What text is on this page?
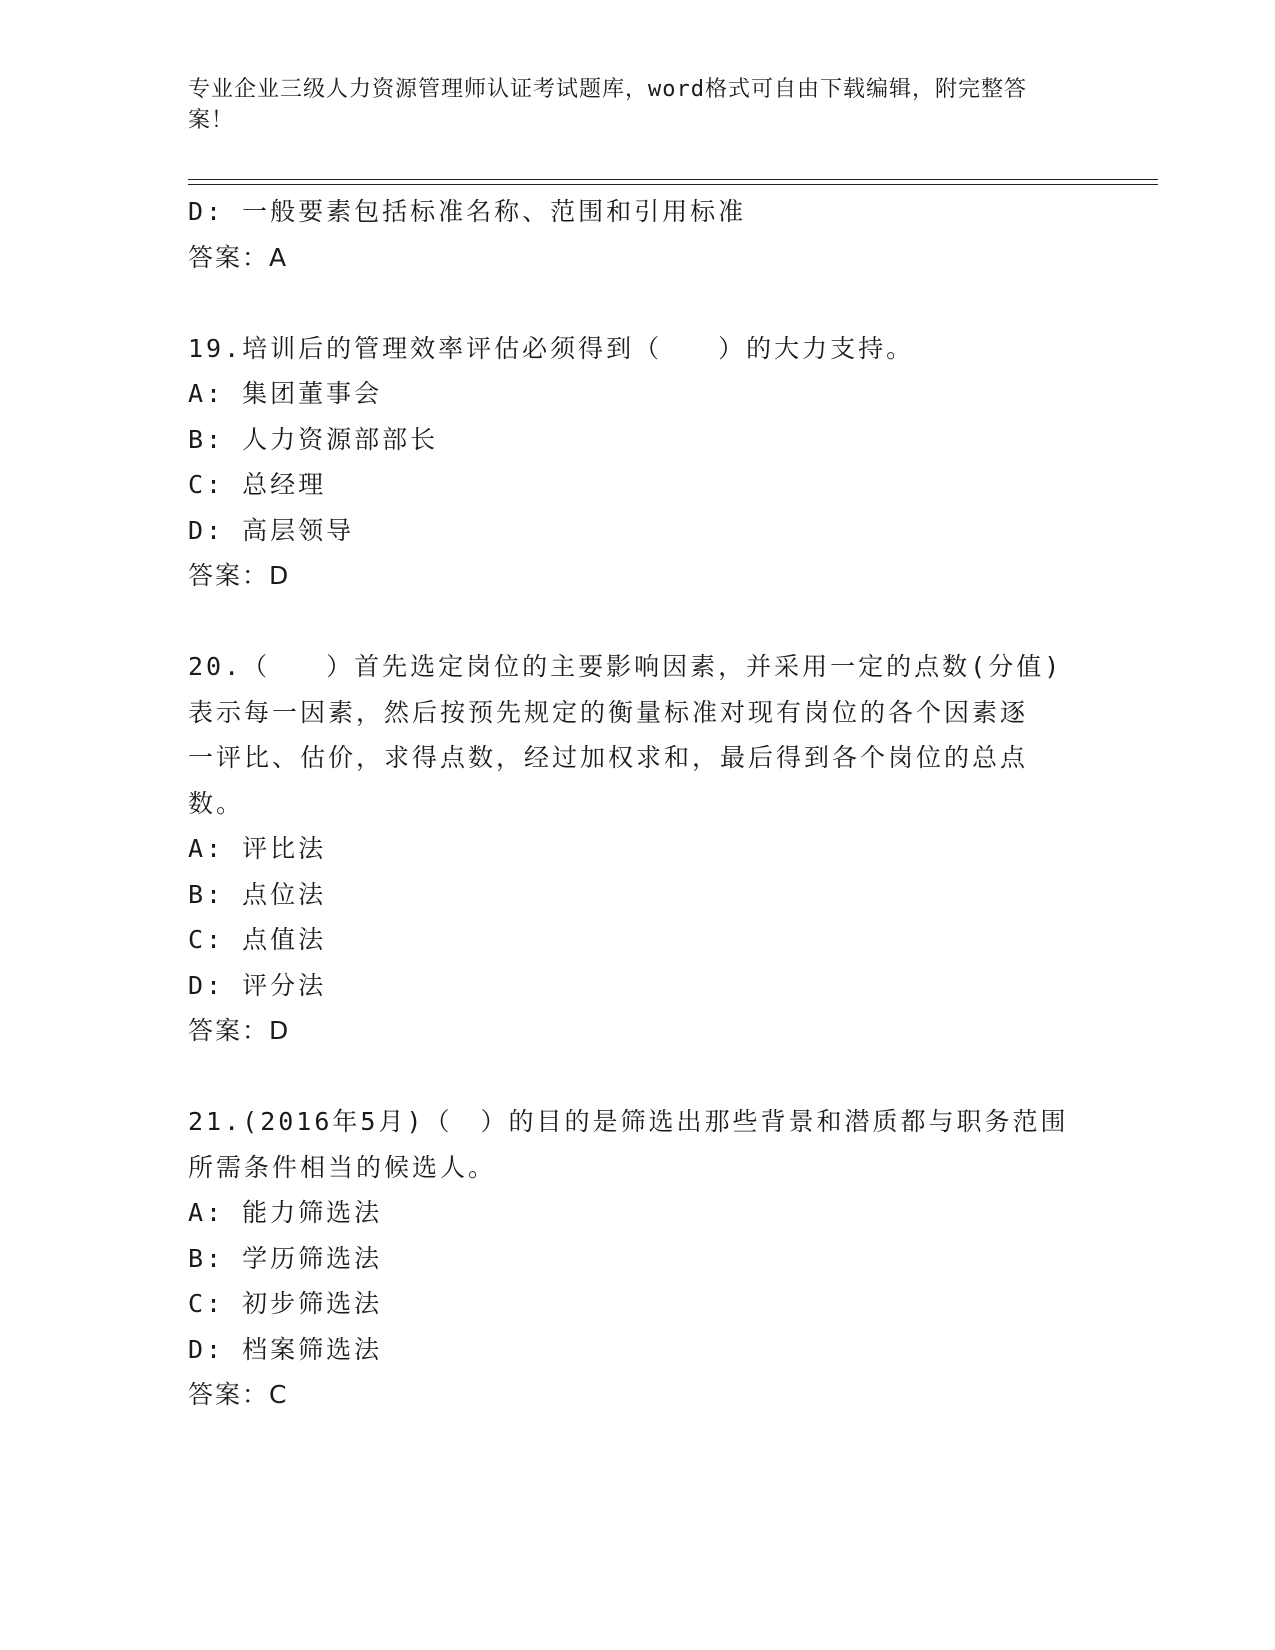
专业企业三级人力资源管理师认证考试题库，word格式可自由下载编辑，附完整答案！
D: 一般要素包括标准名称、范围和引用标准
答案：A
19.培训后的管理效率评估必须得到（　　）的大力支持。
A: 集团董事会
B: 人力资源部部长
C: 总经理
D: 高层领导
答案：D
20.（　　）首先选定岗位的主要影响因素，并采用一定的点数(分值)
表示每一因素，然后按预先规定的衡量标准对现有岗位的各个因素逐
一评比、估价，求得点数，经过加权求和，最后得到各个岗位的总点
数。
A: 评比法
B: 点位法
C: 点值法
D: 评分法
答案：D
21.(2016年5月)（　）的目的是筛选出那些背景和潜质都与职务范围
所需条件相当的候选人。
A: 能力筛选法
B: 学历筛选法
C: 初步筛选法
D: 档案筛选法
答案：C
